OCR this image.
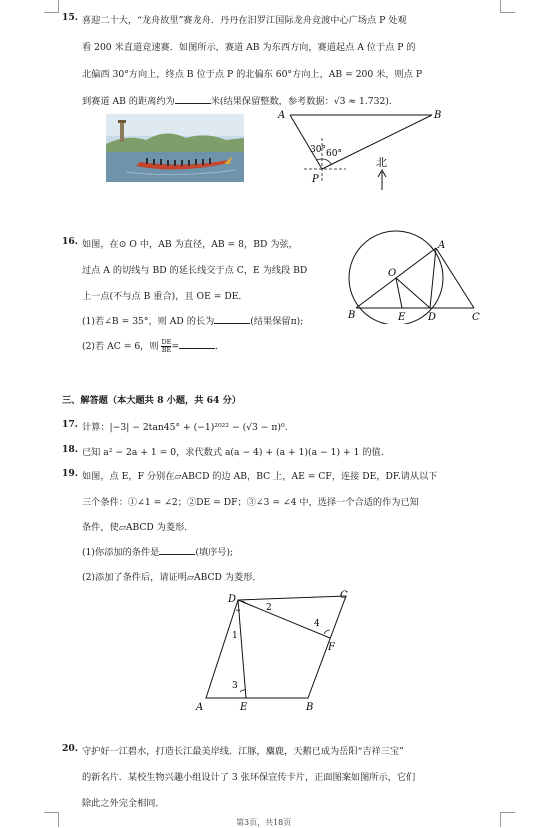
15. 喜迎二十大，“龙舟故里”赛龙舟．丹丹在汨罗江国际龙舟竞渡中心广场点 P 处观
看 200 米直道竞速赛．如图所示，赛道 AB 为东西方向，赛道起点 A 位于点 P 的
北偏西 30°方向上，终点 B 位于点 P 的北偏东 60°方向上，AB = 200 米，则点 P
到赛道 AB 的距离约为	米(结果保留整数，参考数据：√3 ≈ 1.732).
A	B
P
30° 60°
北
16. 如图，在⊙ O 中，AB 为直径，AB = 8，BD 为弦，
过点 A 的切线与 BD 的延长线交于点 C，E 为线段 BD
上一点(不与点 B 重合)，且 OE = DE．
(1)若∠B = 35°，则 AD 的长为	(结果保留π);
(2)若 AC = 6，则 $\frac{DE}{BE}$ =	.
A
B	C
D
E
O
三、解答题（本大题共 8 小题，共 64 分）
17. 计算：|−3| − 2tan45° + (−1)²⁰²² − (√3 − π)⁰.
18. 已知 a² − 2a + 1 = 0，求代数式 a(a − 4) + (a + 1)(a − 1) + 1 的值.
19. 如图，点 E，F 分别在▱ABCD 的边 AB，BC 上，AE = CF，连接 DE，DF.请从以下
三个条件：①∠1 = ∠2；②DE = DF；③∠3 = ∠4 中，选择一个合适的作为已知
条件，使▱ABCD 为菱形．
(1)你添加的条件是	(填序号);
(2)添加了条件后，请证明▱ABCD 为菱形．
A	B
C
D
E
F
1
2
3
4
20. 守护好一江碧水，打造长江最美岸线．江豚，麋鹿，天鹅已成为岳阳“吉祥三宝”
的新名片．某校生物兴趣小组设计了 3 张环保宣传卡片，正面图案如图所示，它们
除此之外完全相同．
第3页，共18页
